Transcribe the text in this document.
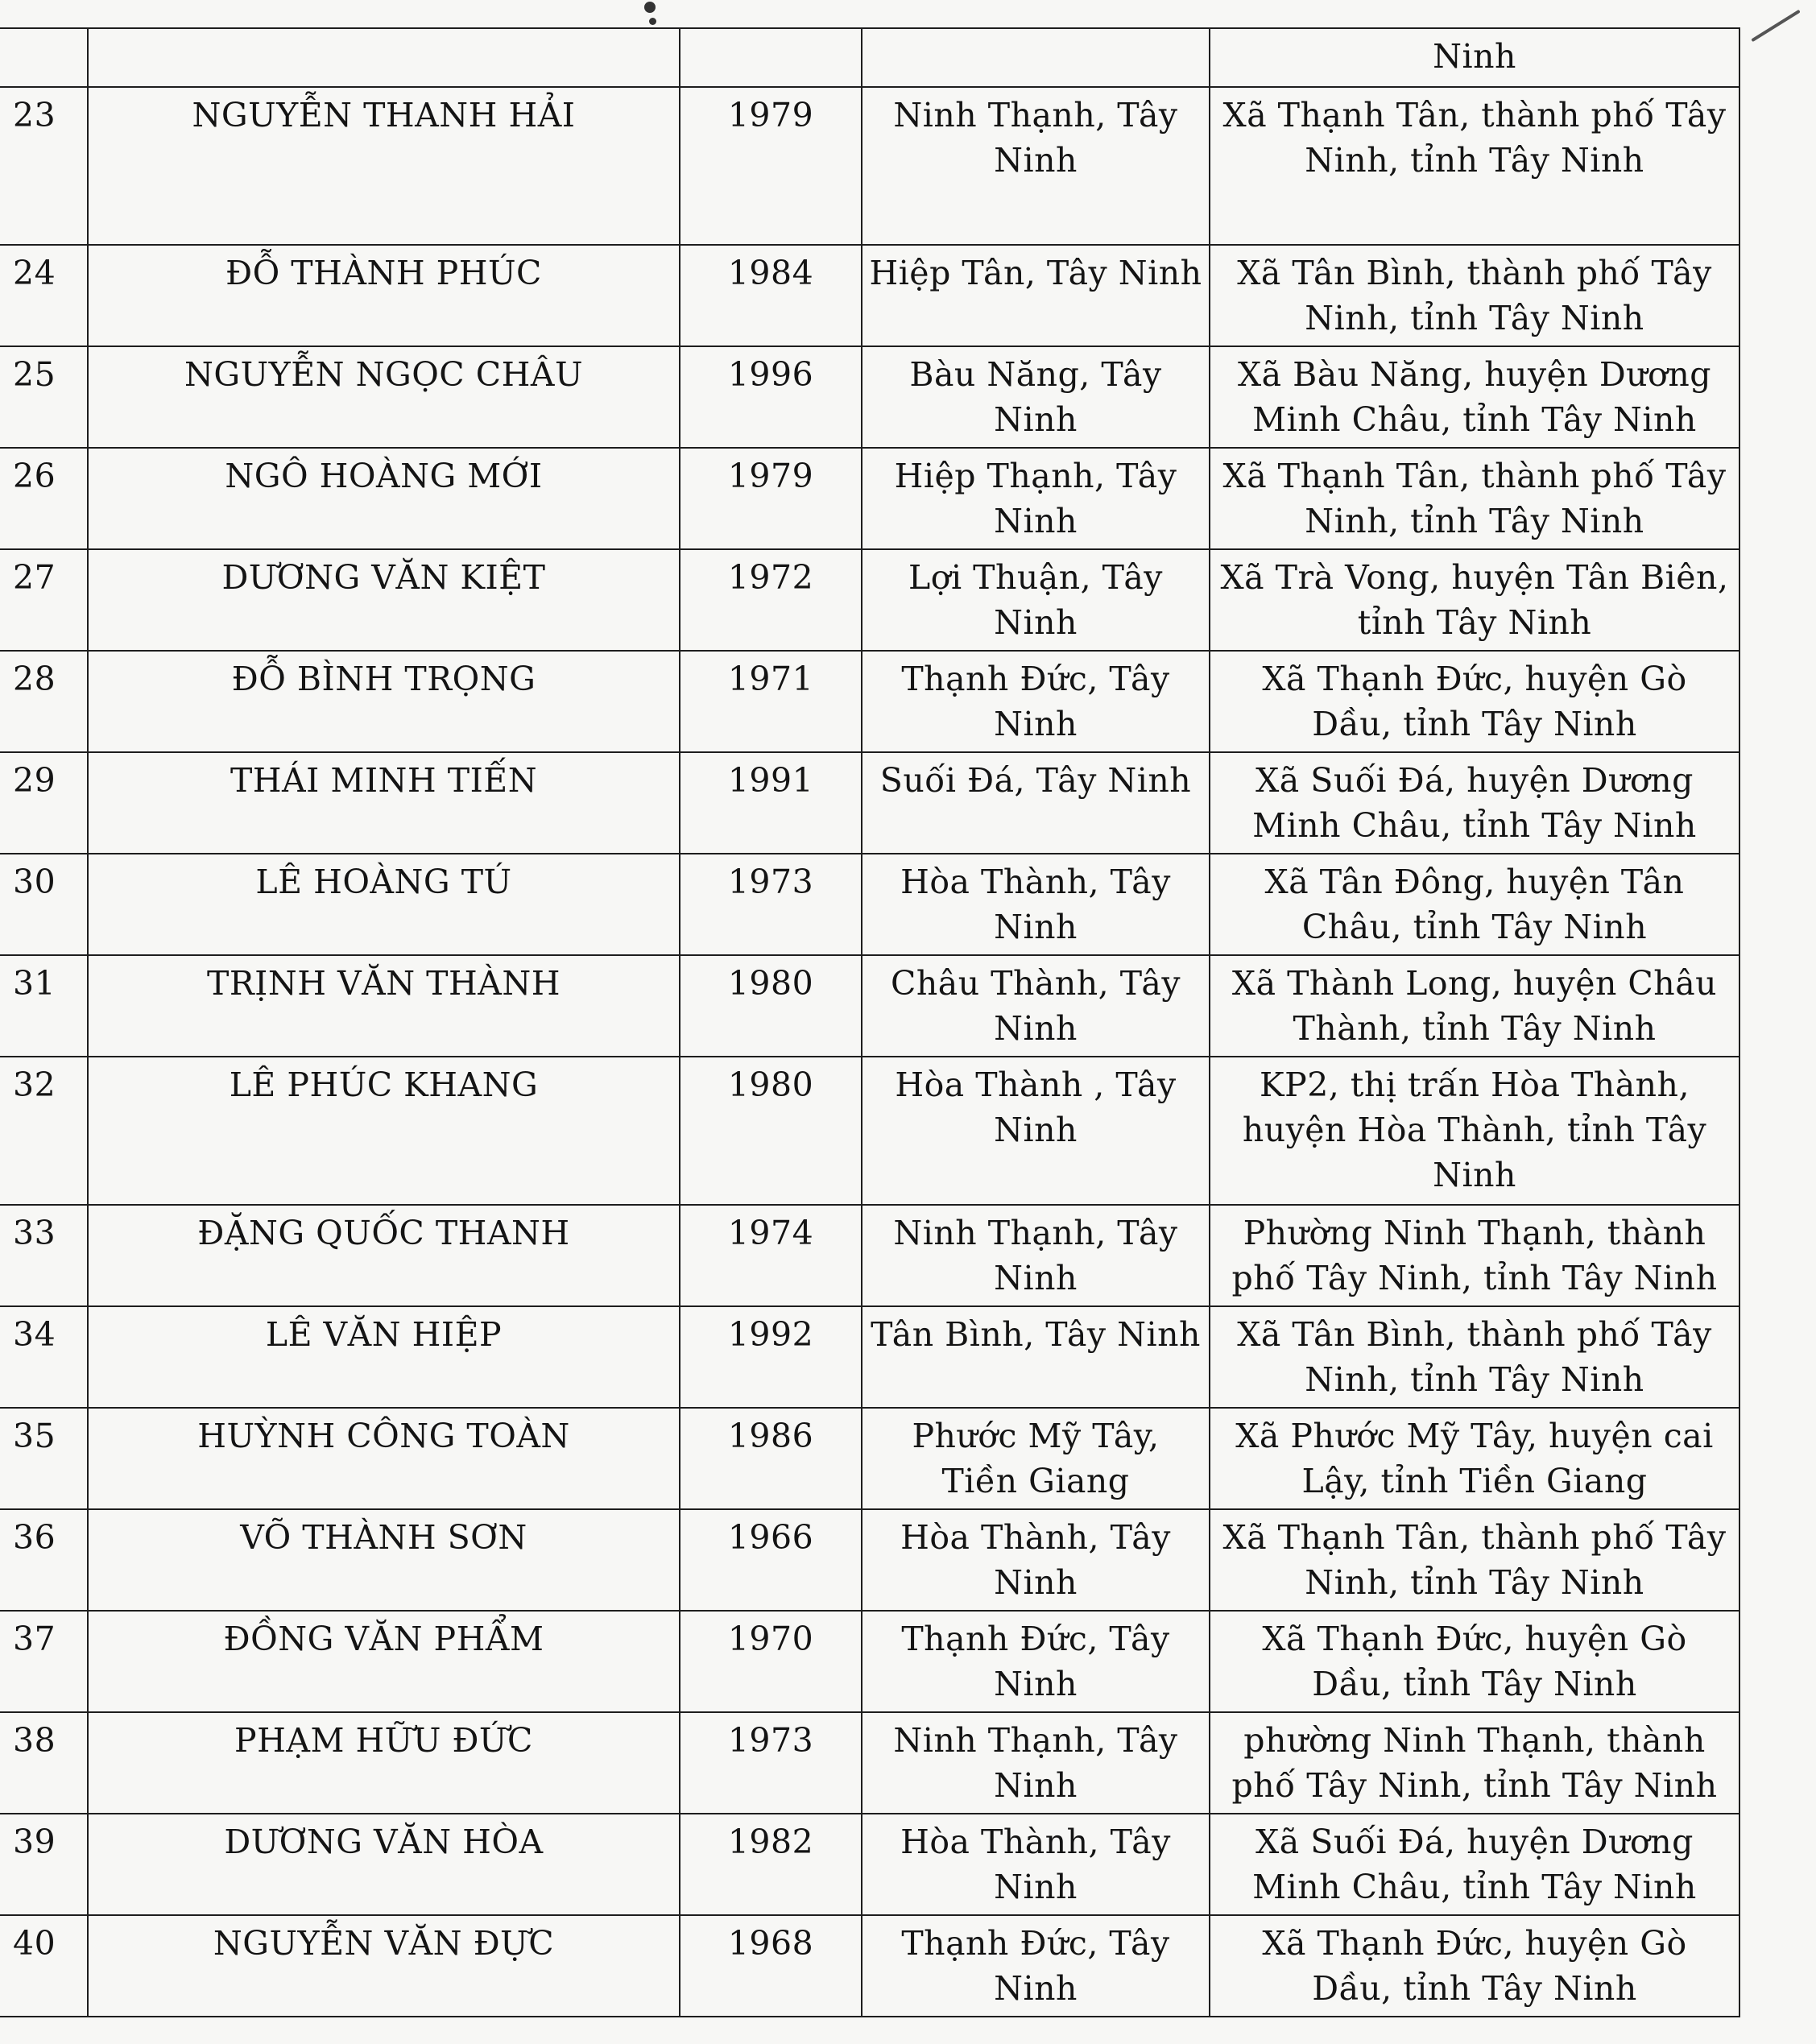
				Ninh
23	NGUYỄN THANH HẢI	1979	Ninh Thạnh, Tây Ninh	Xã Thạnh Tân, thành phố Tây Ninh, tỉnh Tây Ninh
24	ĐỖ THÀNH PHÚC	1984	Hiệp Tân, Tây Ninh	Xã Tân Bình, thành phố Tây Ninh, tỉnh Tây Ninh
25	NGUYỄN NGỌC CHÂU	1996	Bàu Năng, Tây Ninh	Xã Bàu Năng, huyện Dương Minh Châu, tỉnh Tây Ninh
26	NGÔ HOÀNG MỚI	1979	Hiệp Thạnh, Tây Ninh	Xã Thạnh Tân, thành phố Tây Ninh, tỉnh Tây Ninh
27	DƯƠNG VĂN KIỆT	1972	Lợi Thuận, Tây Ninh	Xã Trà Vong, huyện Tân Biên, tỉnh Tây Ninh
28	ĐỖ BÌNH TRỌNG	1971	Thạnh Đức, Tây Ninh	Xã Thạnh Đức, huyện Gò Dầu, tỉnh Tây Ninh
29	THÁI MINH TIẾN	1991	Suối Đá, Tây Ninh	Xã Suối Đá, huyện Dương Minh Châu, tỉnh Tây Ninh
30	LÊ HOÀNG TÚ	1973	Hòa Thành, Tây Ninh	Xã Tân Đông, huyện Tân Châu, tỉnh Tây Ninh
31	TRỊNH VĂN THÀNH	1980	Châu Thành, Tây Ninh	Xã Thành Long, huyện Châu Thành, tỉnh Tây Ninh
32	LÊ PHÚC KHANG	1980	Hòa Thành , Tây Ninh	KP2, thị trấn Hòa Thành, huyện Hòa Thành, tỉnh Tây Ninh
33	ĐẶNG QUỐC THANH	1974	Ninh Thạnh, Tây Ninh	Phường Ninh Thạnh, thành phố Tây Ninh, tỉnh Tây Ninh
34	LÊ VĂN HIỆP	1992	Tân Bình, Tây Ninh	Xã Tân Bình, thành phố Tây Ninh, tỉnh Tây Ninh
35	HUỲNH CÔNG TOÀN	1986	Phước Mỹ Tây, Tiền Giang	Xã Phước Mỹ Tây, huyện cai Lậy, tỉnh Tiền Giang
36	VÕ THÀNH SƠN	1966	Hòa Thành, Tây Ninh	Xã Thạnh Tân, thành phố Tây Ninh, tỉnh Tây Ninh
37	ĐỒNG VĂN PHẨM	1970	Thạnh Đức, Tây Ninh	Xã Thạnh Đức, huyện Gò Dầu, tỉnh Tây Ninh
38	PHẠM HỮU ĐỨC	1973	Ninh Thạnh, Tây Ninh	phường Ninh Thạnh, thành phố Tây Ninh, tỉnh Tây Ninh
39	DƯƠNG VĂN HÒA	1982	Hòa Thành, Tây Ninh	Xã Suối Đá, huyện Dương Minh Châu, tỉnh Tây Ninh
40	NGUYỄN VĂN ĐỰC	1968	Thạnh Đức, Tây Ninh	Xã Thạnh Đức, huyện Gò Dầu, tỉnh Tây Ninh
